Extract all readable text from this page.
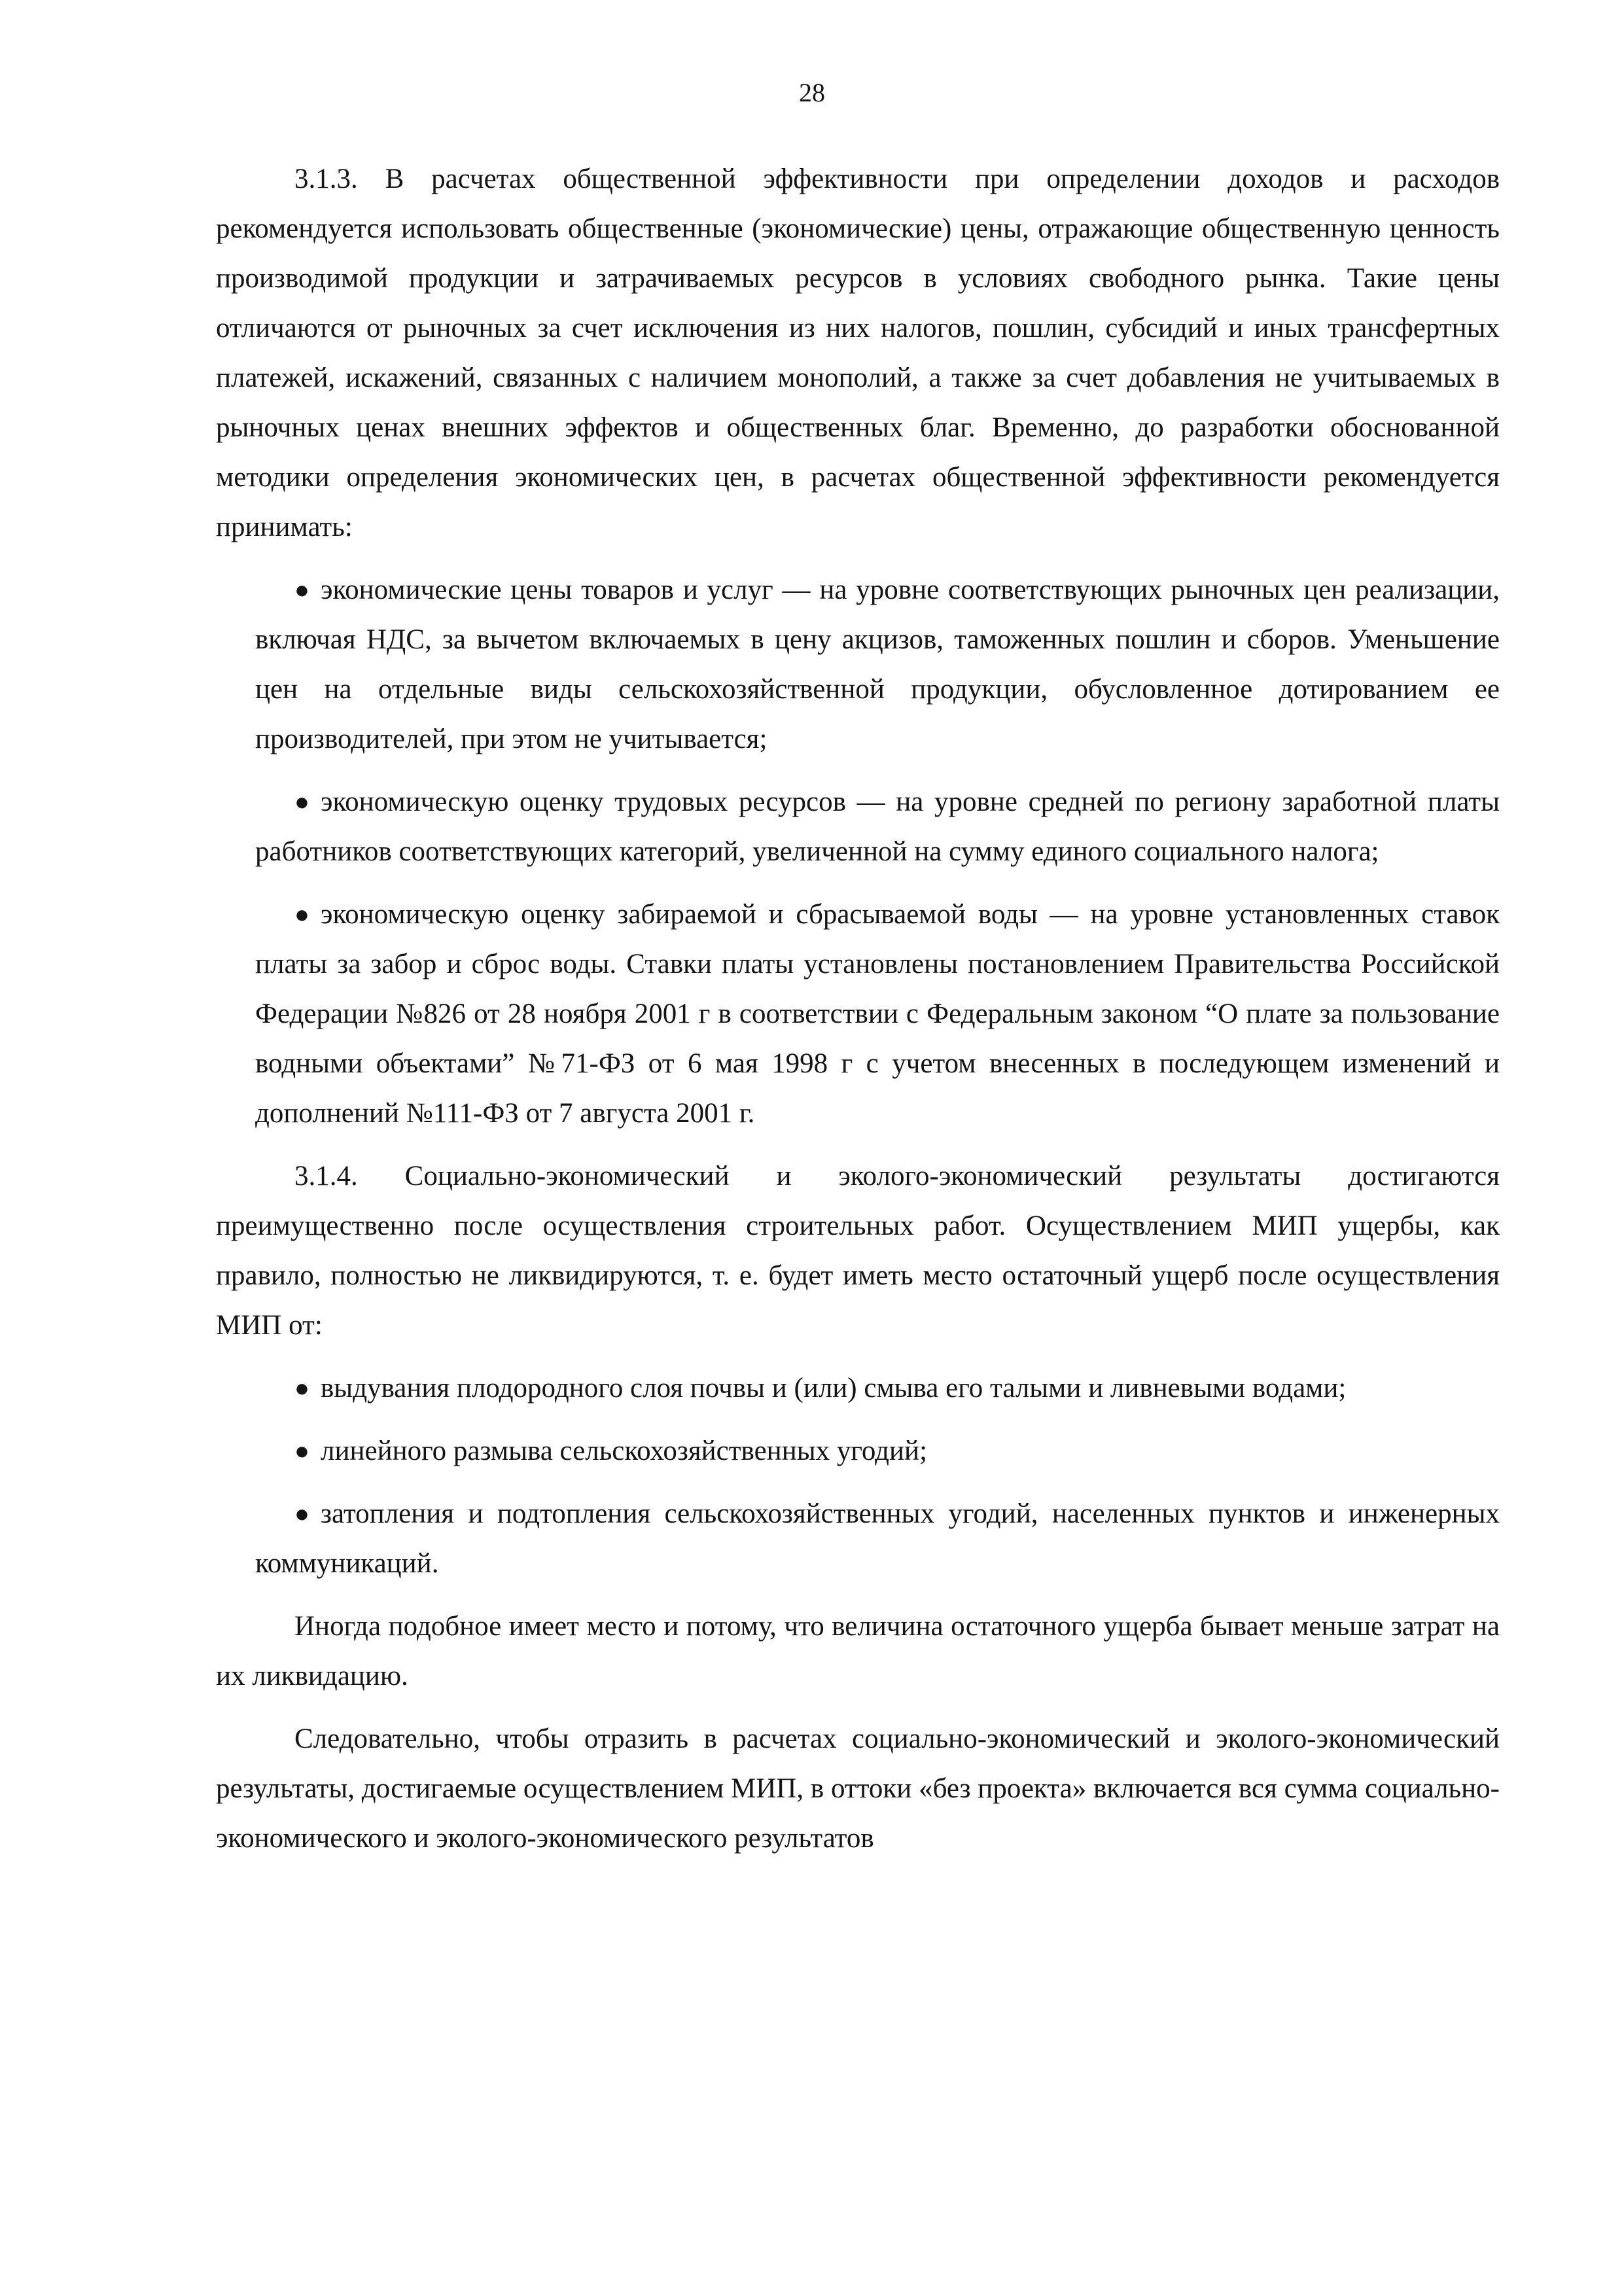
28

3.1.3. В расчетах общественной эффективности при определении доходов и расходов рекомендуется использовать общественные (экономические) цены, отражающие общественную ценность производимой продукции и затрачиваемых ресурсов в условиях свободного рынка. Такие цены отличаются от рыночных за счет исключения из них налогов, пошлин, субсидий и иных трансфертных платежей, искажений, связанных с наличием монополий, а также за счет добавления не учитываемых в рыночных ценах внешних эффектов и общественных благ. Временно, до разработки обоснованной методики определения экономических цен, в расчетах общественной эффективности рекомендуется принимать:

● экономические цены товаров и услуг — на уровне соответствующих рыночных цен реализации, включая НДС, за вычетом включаемых в цену акцизов, таможенных пошлин и сборов. Уменьшение цен на отдельные виды сельскохозяйственной продукции, обусловленное дотированием ее производителей, при этом не учитывается;
● экономическую оценку трудовых ресурсов — на уровне средней по региону заработной платы работников соответствующих категорий, увеличенной на сумму единого социального налога;
● экономическую оценку забираемой и сбрасываемой воды — на уровне установленных ставок платы за забор и сброс воды. Ставки платы установлены постановлением Правительства Российской Федерации №826 от 28 ноября 2001 г в соответствии с Федеральным законом “О плате за пользование водными объектами” №71-ФЗ от 6 мая 1998 г с учетом внесенных в последующем изменений и дополнений №111-ФЗ от 7 августа 2001 г.

3.1.4. Социально-экономический и эколого-экономический результаты достигаются преимущественно после осуществления строительных работ. Осуществлением МИП ущербы, как правило, полностью не ликвидируются, т. е. будет иметь место остаточный ущерб после осуществления МИП от:

● выдувания плодородного слоя почвы и (или) смыва его талыми и ливневыми водами;
● линейного размыва сельскохозяйственных угодий;
● затопления и подтопления сельскохозяйственных угодий, населенных пунктов и инженерных коммуникаций.

Иногда подобное имеет место и потому, что величина остаточного ущерба бывает меньше затрат на их ликвидацию.

Следовательно, чтобы отразить в расчетах социально-экономический и эколого-экономический результаты, достигаемые осуществлением МИП, в оттоки «без проекта» включается вся сумма социально-экономического и эколого-экономического результатов
